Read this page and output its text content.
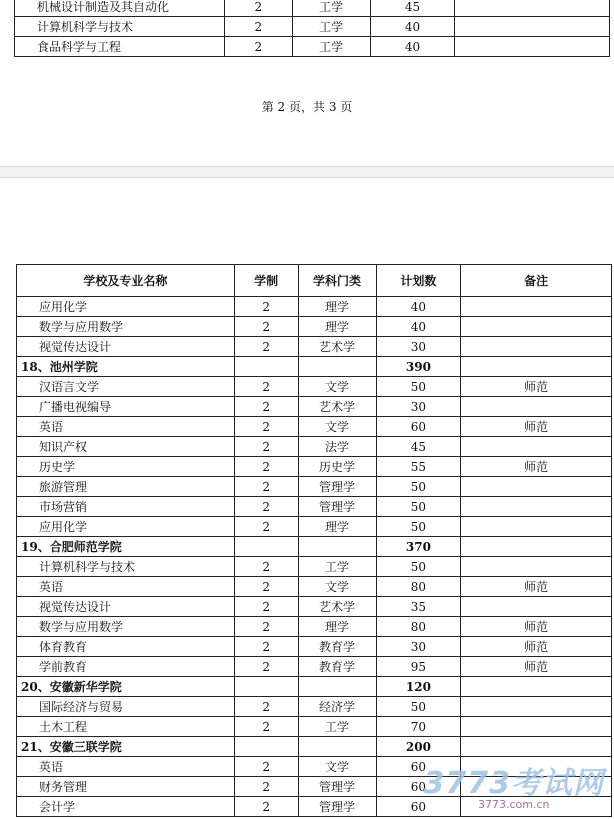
机械设计制造及其自动化	2	工学	45	
计算机科学与技术	2	工学	40	
食品科学与工程	2	工学	40	
第 2 页，共 3 页
学校及专业名称	学制	学科门类	计划数	备注
应用化学	2	理学	40	
数学与应用数学	2	理学	40	
视觉传达设计	2	艺术学	30	
18、池州学院			390	
汉语言文学	2	文学	50	师范
广播电视编导	2	艺术学	30	
英语	2	文学	60	师范
知识产权	2	法学	45	
历史学	2	历史学	55	师范
旅游管理	2	管理学	50	
市场营销	2	管理学	50	
应用化学	2	理学	50	
19、合肥师范学院			370	
计算机科学与技术	2	工学	50	
英语	2	文学	80	师范
视觉传达设计	2	艺术学	35	
数学与应用数学	2	理学	80	师范
体育教育	2	教育学	30	师范
学前教育	2	教育学	95	师范
20、安徽新华学院			120	
国际经济与贸易	2	经济学	50	
土木工程	2	工学	70	
21、安徽三联学院			200	
英语	2	文学	60	
财务管理	2	管理学	60	
会计学	2	管理学	60	
3773考试网
3773.com.cn
